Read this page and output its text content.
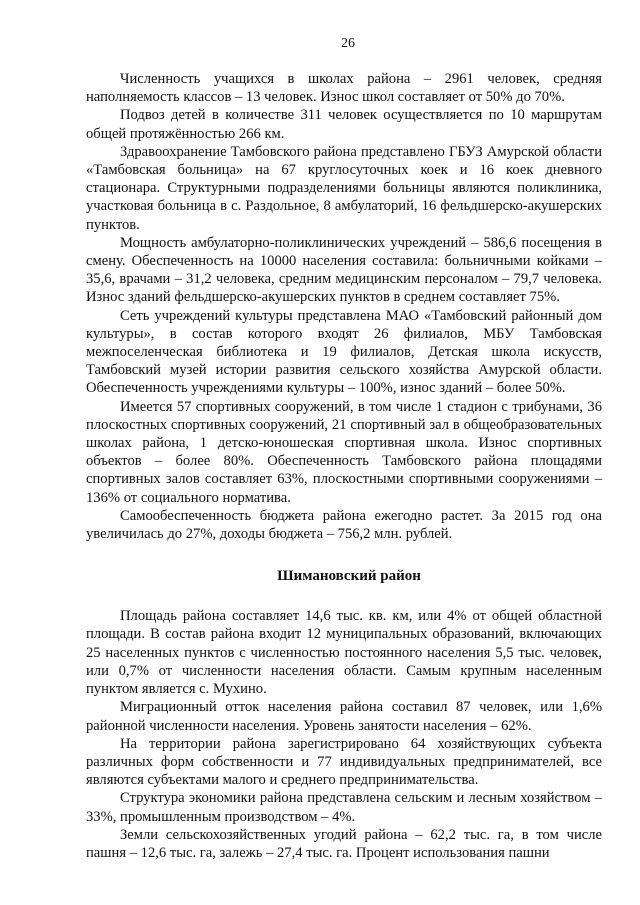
26

Численность учащихся в школах района – 2961 человек, средняя наполняемость классов – 13 человек. Износ школ составляет от 50% до 70%.

Подвоз детей в количестве 311 человек осуществляется по 10 маршрутам общей протяжённостью 266 км.

Здравоохранение Тамбовского района представлено ГБУЗ Амурской области «Тамбовская больница» на 67 круглосуточных коек и 16 коек дневного стационара. Структурными подразделениями больницы являются поликлиника, участковая больница в с. Раздольное, 8 амбулаторий, 16 фельдшерско-акушерских пунктов.

Мощность амбулаторно-поликлинических учреждений – 586,6 посещения в смену. Обеспеченность на 10000 населения составила: больничными койками – 35,6, врачами – 31,2 человека, средним медицинским персоналом – 79,7 человека. Износ зданий фельдшерско-акушерских пунктов в среднем составляет 75%.

Сеть учреждений культуры представлена МАО «Тамбовский районный дом культуры», в состав которого входят 26 филиалов, МБУ Тамбовская межпоселенческая библиотека и 19 филиалов, Детская школа искусств, Тамбовский музей истории развития сельского хозяйства Амурской области. Обеспеченность учреждениями культуры – 100%, износ зданий – более 50%.

Имеется 57 спортивных сооружений, в том числе 1 стадион с трибунами, 36 плоскостных спортивных сооружений, 21 спортивный зал в общеобразовательных школах района, 1 детско-юношеская спортивная школа. Износ спортивных объектов – более 80%. Обеспеченность Тамбовского района площадями спортивных залов составляет 63%, плоскостными спортивными сооружениями – 136% от социального норматива.

Самообеспеченность бюджета района ежегодно растет. За 2015 год она увеличилась до 27%, доходы бюджета – 756,2 млн. рублей.

Шимановский район

Площадь района составляет 14,6 тыс. кв. км, или 4% от общей областной площади. В состав района входит 12 муниципальных образований, включающих 25 населенных пунктов с численностью постоянного населения 5,5 тыс. человек, или 0,7% от численности населения области. Самым крупным населенным пунктом является с. Мухино.

Миграционный отток населения района составил 87 человек, или 1,6% районной численности населения. Уровень занятости населения – 62%.

На территории района зарегистрировано 64 хозяйствующих субъекта различных форм собственности и 77 индивидуальных предпринимателей, все являются субъектами малого и среднего предпринимательства.

Структура экономики района представлена сельским и лесным хозяйством – 33%, промышленным производством – 4%.

Земли сельскохозяйственных угодий района – 62,2 тыс. га, в том числе пашня – 12,6 тыс. га, залежь – 27,4 тыс. га. Процент использования пашни
